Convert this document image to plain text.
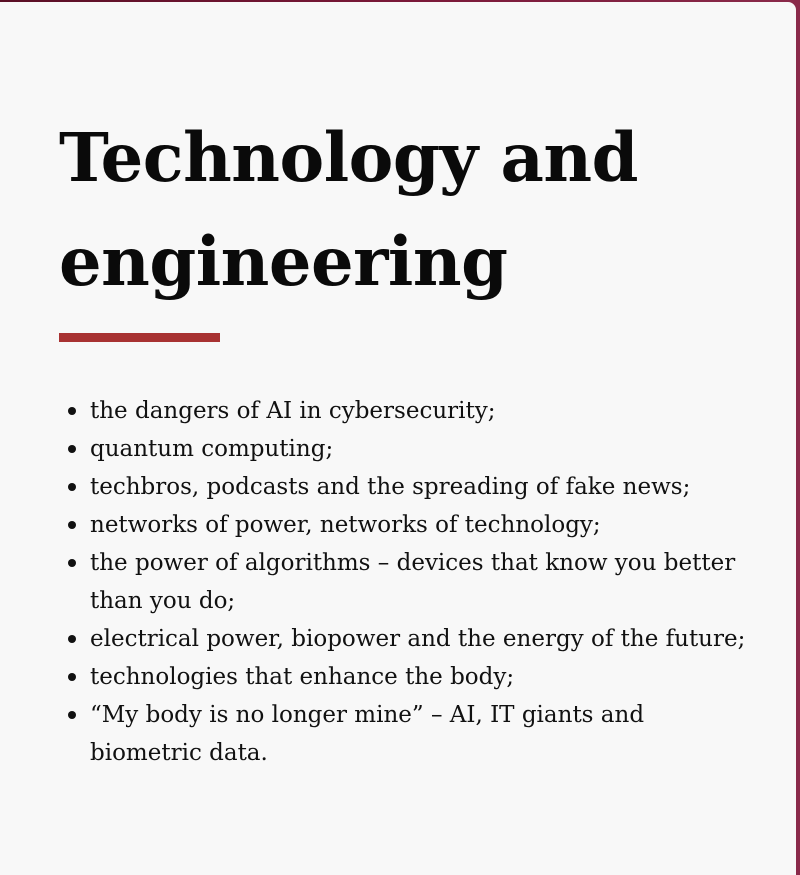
Technology and engineering
the dangers of AI in cybersecurity;
quantum computing;
techbros, podcasts and the spreading of fake news;
networks of power, networks of technology;
the power of algorithms – devices that know you better than you do;
electrical power, biopower and the energy of the future;
technologies that enhance the body;
“My body is no longer mine” – AI, IT giants and biometric data.
